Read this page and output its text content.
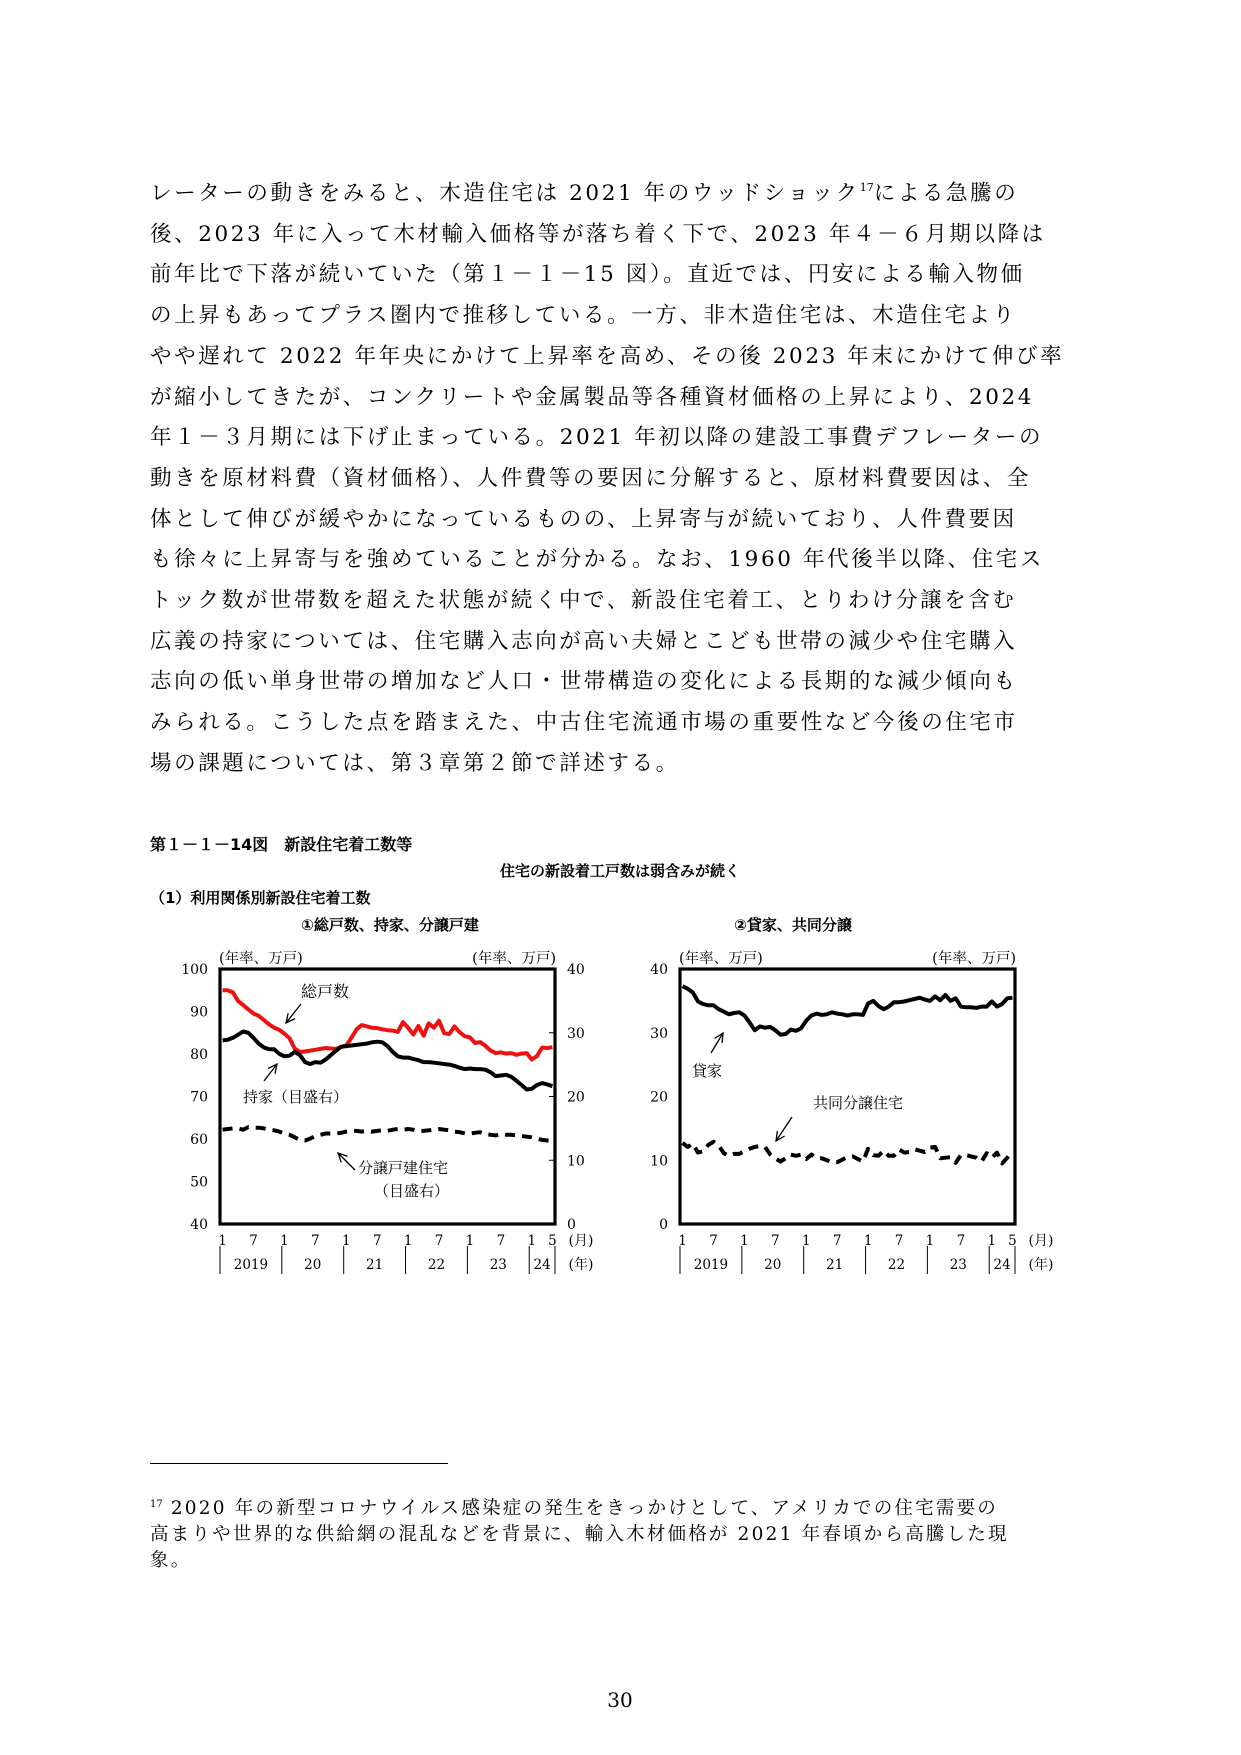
レーターの動きをみると、木造住宅は 2021 年のウッドショック$^{17}$による急騰の
後、2023 年に入って木材輸入価格等が落ち着く下で、2023 年４－６月期以降は
前年比で下落が続いていた（第１－１－15 図）。直近では、円安による輸入物価
の上昇もあってプラス圏内で推移している。一方、非木造住宅は、木造住宅より
やや遅れて 2022 年年央にかけて上昇率を高め、その後 2023 年末にかけて伸び率
が縮小してきたが、コンクリートや金属製品等各種資材価格の上昇により、2024
年１－３月期には下げ止まっている。2021 年初以降の建設工事費デフレーターの
動きを原材料費（資材価格）、人件費等の要因に分解すると、原材料費要因は、全
体として伸びが緩やかになっているものの、上昇寄与が続いており、人件費要因
も徐々に上昇寄与を強めていることが分かる。なお、1960 年代後半以降、住宅ス
トック数が世帯数を超えた状態が続く中で、新設住宅着工、とりわけ分譲を含む
広義の持家については、住宅購入志向が高い夫婦とこども世帯の減少や住宅購入
志向の低い単身世帯の増加など人口・世帯構造の変化による長期的な減少傾向も
みられる。こうした点を踏まえた、中古住宅流通市場の重要性など今後の住宅市
場の課題については、第３章第２節で詳述する。
第１－１－14図　新設住宅着工数等
住宅の新設着工戸数は弱含みが続く
（1）利用関係別新設住宅着工数
①総戸数、持家、分譲戸建
(年率、万戸)	(年率、万戸)
100
90
80
70
60
50
40
40
30
20
10
0
1 7 1 7 1 7 1 7 1 7 1 5
2019	20	21	22	23 24
(月)
(年)
総戸数
持家（目盛右）
分譲戸建住宅
（目盛右）
②貸家、共同分譲
(年率、万戸)	(年率、万戸)
40
30
20
10
0
1 7 1 7 1 7 1 7 1 7 1 5
2019	20	21	22	23 24
(月)
(年)
貸家
共同分譲住宅
$^{17}$ 2020 年の新型コロナウイルス感染症の発生をきっかけとして、アメリカでの住宅需要の
高まりや世界的な供給網の混乱などを背景に、輸入木材価格が 2021 年春頃から高騰した現
象。
30
